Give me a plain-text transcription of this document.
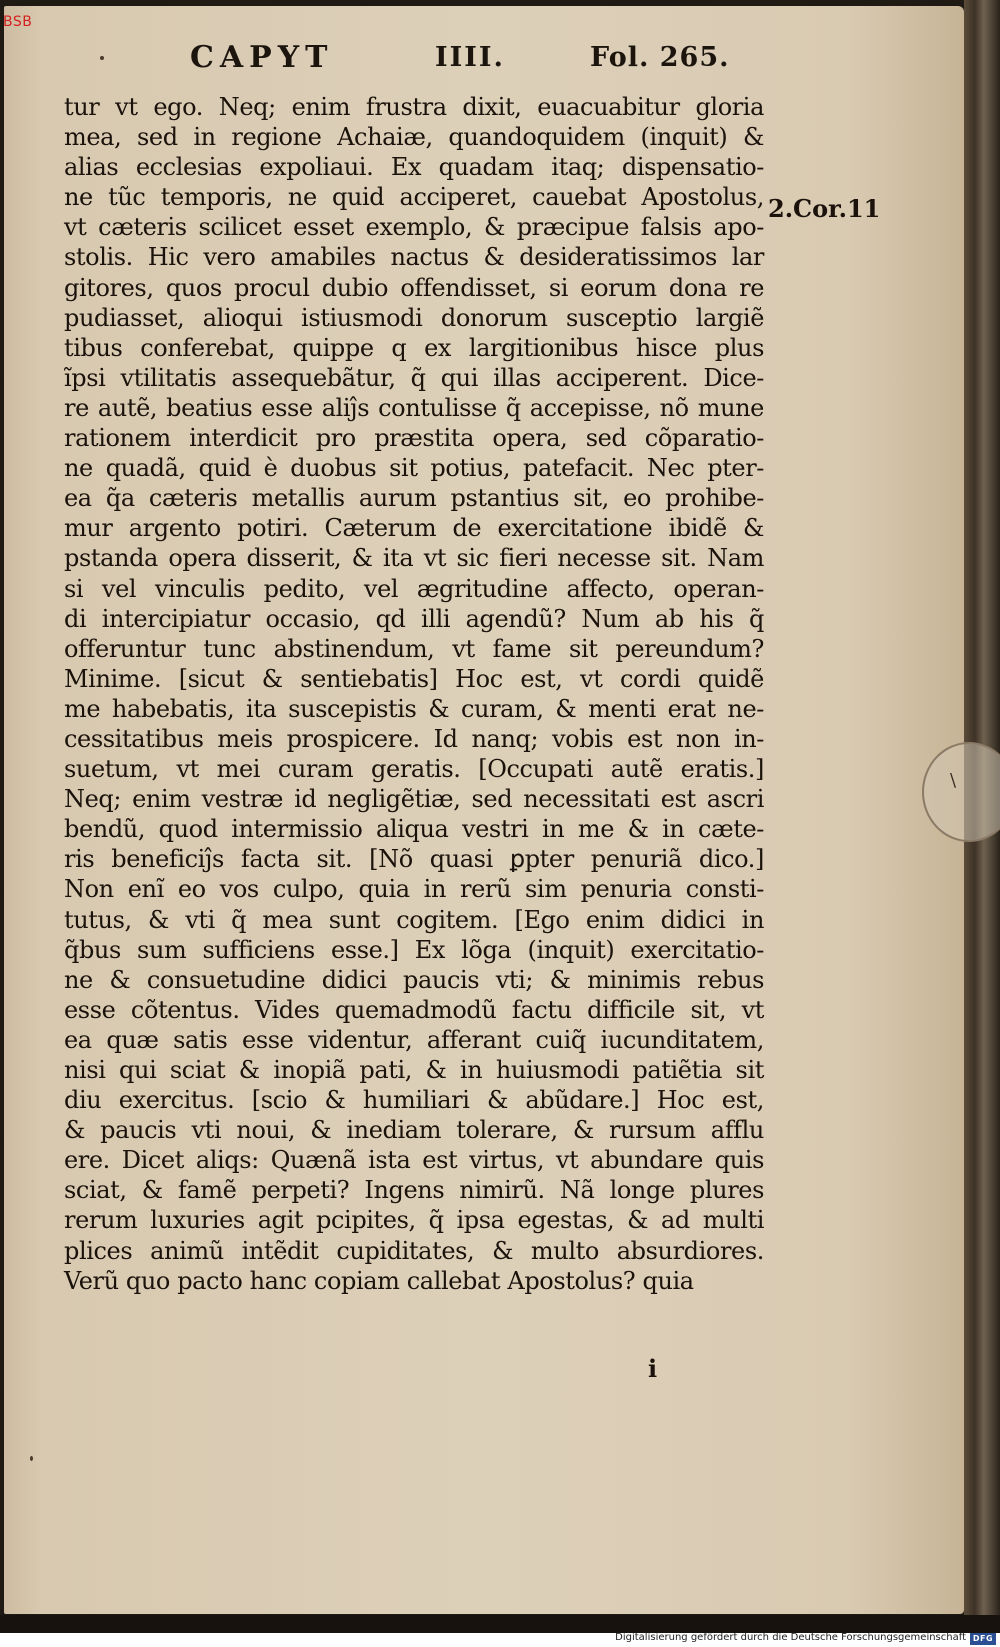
BSB
CAPYT	IIII.	Fol. 265.
2.Cor.11
tur vt ego. Neq; enim frustra dixit, euacuabitur gloria
mea, sed in regione Achaiæ, quandoquidem (inquit) &
alias ecclesias expoliaui. Ex quadam itaq; dispensatio-
ne tũc temporis, ne quid acciperet, cauebat Apostolus,
vt cæteris scilicet esset exemplo, & præcipue falsis apo-
stolis. Hic vero amabiles nactus & desideratissimos lar
gitores, quos procul dubio offendisset, si eorum dona re
pudiasset, alioqui istiusmodi donorum susceptio largiẽ
tibus conferebat, quippe q ex largitionibus hisce plus
ĩpsi vtilitatis assequebãtur, q̃ qui illas acciperent. Dice-
re autẽ, beatius esse aliĵs contulisse q̃ accepisse, nõ mune
rationem interdicit pro præstita opera, sed cõparatio-
ne quadã, quid è duobus sit potius, patefacit. Nec pter-
ea q̃a cæteris metallis aurum pstantius sit, eo prohibe-
mur argento potiri. Cæterum de exercitatione ibidẽ &
pstanda opera disserit, & ita vt sic fieri necesse sit. Nam
si vel vinculis pedito, vel ægritudine affecto, operan-
di intercipiatur occasio, qd illi agendũ? Num ab his q̃
offeruntur tunc abstinendum, vt fame sit pereundum?
Minime. [sicut & sentiebatis] Hoc est, vt cordi quidẽ
me habebatis, ita suscepistis & curam, & menti erat ne-
cessitatibus meis prospicere. Id nanq; vobis est non in-
suetum, vt mei curam geratis. [Occupati autẽ eratis.]
Neq; enim vestræ id negligẽtiæ, sed necessitati est ascri
bendũ, quod intermissio aliqua vestri in me & in cæte-
ris beneficiĵs facta sit. [Nõ quasi ꝑpter penuriã dico.]
Non enĩ eo vos culpo, quia in rerũ sim penuria consti-
tutus, & vti q̃ mea sunt cogitem. [Ego enim didici in
q̃bus sum sufficiens esse.] Ex lõga (inquit) exercitatio-
ne & consuetudine didici paucis vti; & minimis rebus
esse cõtentus. Vides quemadmodũ factu difficile sit, vt
ea quæ satis esse videntur, afferant cuiq̃ iucunditatem,
nisi qui sciat & inopiã pati, & in huiusmodi patiẽtia sit
diu exercitus. [scio & humiliari & abũdare.] Hoc est,
& paucis vti noui, & inediam tolerare, & rursum afflu
ere. Dicet aliqs: Quænã ista est virtus, vt abundare quis
sciat, & famẽ perpeti? Ingens nimirũ. Nã longe plures
rerum luxuries agit pcipites, q̃ ipsa egestas, & ad multi
plices animũ intẽdit cupiditates, & multo absurdiores.
Verũ quo pacto hanc copiam callebat Apostolus? quia
i
\
Digitalisierung gefördert durch die Deutsche Forschungsgemeinschaft DFG
